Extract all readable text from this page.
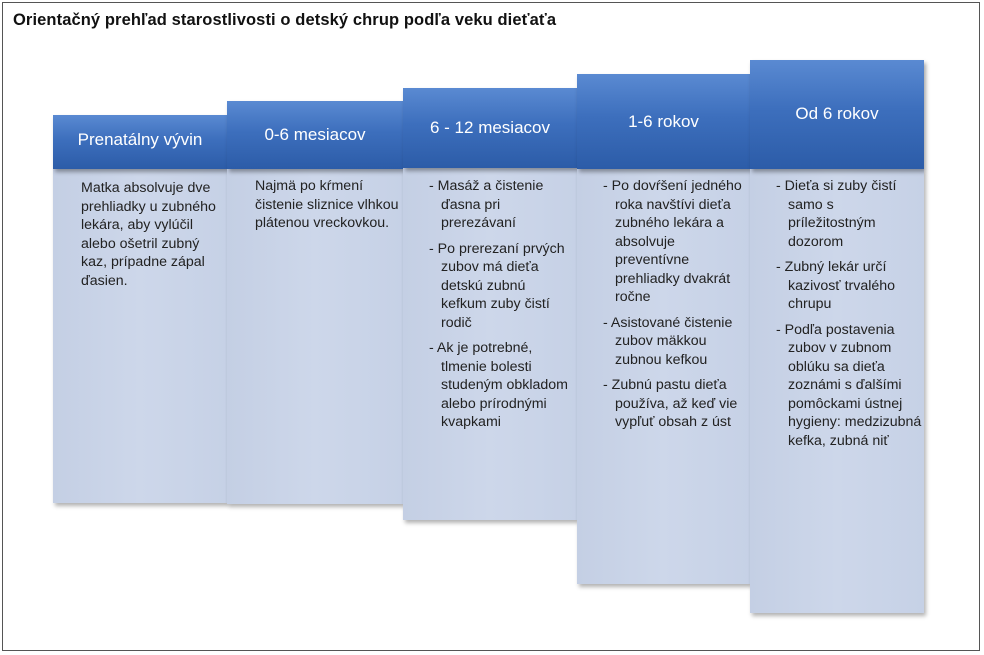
Orientačný prehľad starostlivosti o detský chrup podľa veku dieťaťa
Prenatálny vývin

Matka absolvuje dve prehliadky u zubného lekára, aby vylúčil alebo ošetril zubný kaz, prípadne zápal ďasien.

0-6 mesiacov

Najmä po kŕmení čistenie sliznice vlhkou plátenou vreckovkou.

6 - 12 mesiacov

- Masáž a čistenie ďasna pri prerezávaní

- Po prerezaní prvých zubov má dieťa detskú zubnú kefkum zuby čistí rodič

- Ak je potrebné, tlmenie bolesti studeným obkladom alebo prírodnými kvapkami

1-6 rokov

- Po dovŕšení jedného roka navštívi dieťa zubného lekára a absolvuje preventívne prehliadky dvakrát ročne

- Asistované čistenie zubov mäkkou zubnou kefkou

- Zubnú pastu dieťa používa, až keď vie vypľuť obsah z úst

Od 6 rokov

- Dieťa si zuby čistí samo s príležitostným dozorom

- Zubný lekár určí kazivosť trvalého chrupu

- Podľa postavenia zubov v zubnom oblúku sa dieťa zoznámi s ďalšími pomôckami ústnej hygieny: medzizubná kefka, zubná niť
